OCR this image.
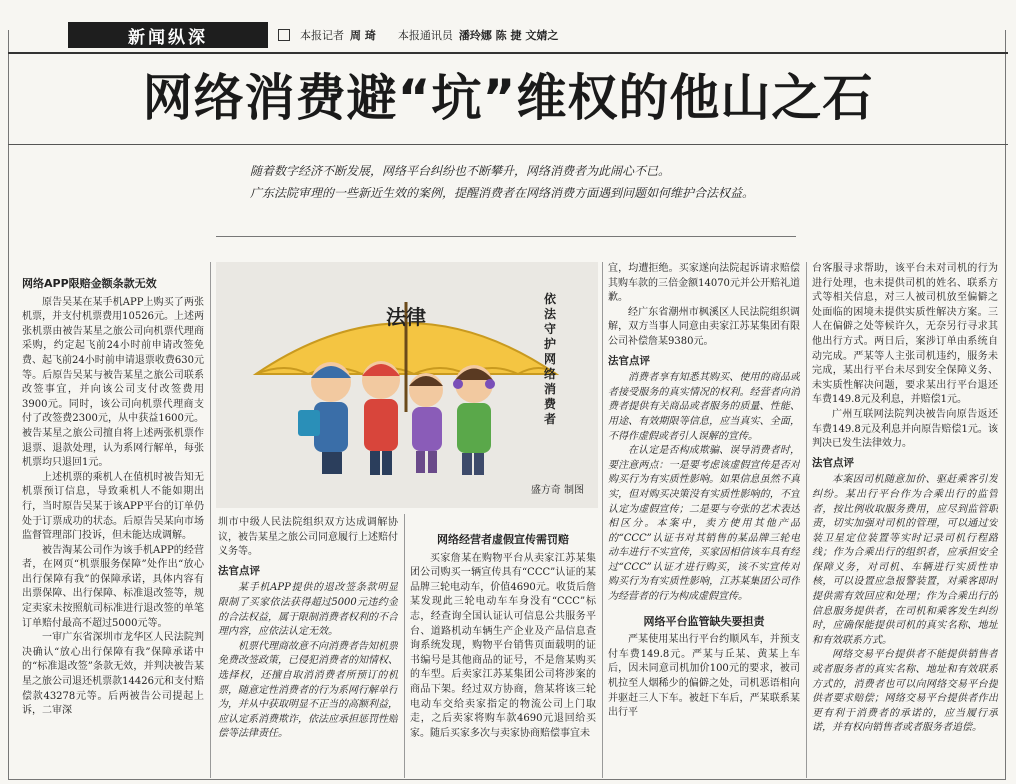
新闻纵深	本报记者 周 琦 本报通讯员 潘玲娜 陈 捷 文婧之
网络消费避“坑”维权的他山之石

随着数字经济不断发展，网络平台纠纷也不断攀升，网络消费者为此闹心不已。

广东法院审理的一些新近生效的案例，提醒消费者在网络消费方面遇到问题如何维护合法权益。

网络APP限赔金额条款无效

原告吴某在某手机APP上购买了两张机票，并支付机票费用10526元。上述两张机票由被告某星之旅公司向机票代理商采购，约定起飞前24小时前申请改签免费、起飞前24小时前申请退票收费630元等。后原告吴某与被告某星之旅公司联系改签事宜，并向该公司支付改签费用3900元。同时，该公司向机票代理商支付了改签费2300元，从中获益1600元。被告某星之旅公司擅自将上述两张机票作退票、退款处理，认为系网行解单，每张机票均只退回1元。

上述机票的乘机人在值机时被告知无机票预订信息，导致乘机人不能如期出行，当时原告吴某于该APP平台的订单仍处于订票成功的状态。后原告吴某向市场监督管理部门投诉，但未能达成调解。

被告淘某公司作为该手机APP的经营者，在网页“机票服务保障”处作出“放心出行保障有我”的保障承诺，具体内容有出票保障、出行保障、标准退改签等，规定卖家未按照航司标准进行退改签的单笔订单赔付最高不超过5000元等。

一审广东省深圳市龙华区人民法院判决确认“放心出行保障有我”保障承诺中的“标准退改签”条款无效，并判决被告某星之旅公司退还机票款14426元和支付赔偿款43278元等。后两被告公司提起上诉，二审深

法律
依法守护网络消费者
盛方奇 制图

圳市中级人民法院组织双方达成调解协议，被告某星之旅公司同意履行上述赔付义务等。

法官点评

某手机APP提供的退改签条款明显限制了买家依法获得超过5000元违约金的合法权益，属于限制消费者权利的不合理内容，应依法认定无效。

机票代理商故意不向消费者告知机票免费改签政策，已侵犯消费者的知情权、选择权，还擅自取消消费者所预订的机票，随意定性消费者的行为系网行解单行为，并从中获取明显不正当的高额利益，应认定系消费欺诈，依法应承担惩罚性赔偿等法律责任。

网络经营者虚假宣传需罚赔

买家詹某在购物平台从卖家江苏某集团公司购买一辆宣传具有“CCC”认证的某品牌三轮电动车，价值4690元。收货后詹某发现此三轮电动车车身没有“CCC”标志，经查询全国认证认可信息公共服务平台、道路机动车辆生产企业及产品信息查询系统发现，购物平台销售页面载明的证书编号是其他商品的证号，不是詹某购买的车型。后卖家江苏某集团公司将涉案的商品下架。经过双方协商，詹某将该三轮电动车交给卖家指定的物流公司上门取走，之后卖家将购车款4690元退回给买家。随后买家多次与卖家协商赔偿事宜未

宜，均遭拒绝。买家遂向法院起诉请求赔偿其购车款的三倍金额14070元并公开赔礼道歉。

经广东省潮州市枫溪区人民法院组织调解，双方当事人同意由卖家江苏某集团有限公司补偿詹某9380元。

法官点评

消费者享有知悉其购买、使用的商品或者接受服务的真实情况的权利。经营者向消费者提供有关商品或者服务的质量、性能、用途、有效期限等信息，应当真实、全面，不得作虚假或者引人误解的宣传。

在认定是否构成欺骗、误导消费者时，要注意两点：一是要考虑该虚假宣传是否对购买行为有实质性影响。如果信息虽然不真实，但对购买决策没有实质性影响的，不宜认定为虚假宣传；二是要与夸张的艺术表达相区分。本案中，卖方使用其他产品的“CCC”认证书对其销售的某品牌三轮电动车进行不实宣传，买家因相信该车具有经过“CCC”认证才进行购买，该不实宣传对购买行为有实质性影响，江苏某集团公司作为经营者的行为构成虚假宣传。

网络平台监管缺失要担责

严某使用某出行平台约顺风车，并预支付车费149.8元。严某与丘某、黄某上车后，因未同意司机加价100元的要求，被司机拉至人烟稀少的偏僻之处，司机恶语相向并驱赶三人下车。被赶下车后，严某联系某出行平

台客服寻求帮助，该平台未对司机的行为进行处理，也未提供司机的姓名、联系方式等相关信息，对三人被司机放至偏僻之处面临的困境未提供实质性解决方案。三人在偏僻之处等候许久，无奈另行寻求其他出行方式。两日后，案涉订单由系统自动完成。严某等人主张司机违约，服务未完成，某出行平台未尽到安全保障义务、未实质性解决问题，要求某出行平台退还车费149.8元及利息，并赔偿1元。

广州互联网法院判决被告向原告返还车费149.8元及利息并向原告赔偿1元。该判决已发生法律效力。

法官点评

本案因司机随意加价、驱赶乘客引发纠纷。某出行平台作为合乘出行的监管者，按比例收取服务费用，应尽到监管职责，切实加强对司机的管理，可以通过安装卫星定位装置等实时记录司机行程路线；作为合乘出行的组织者，应承担安全保障义务，对司机、车辆进行实质性审核，可以设置应急报警装置，对乘客即时提供需有效回应和处理；作为合乘出行的信息服务提供者，在司机和乘客发生纠纷时，应确保能提供司机的真实名称、地址和有效联系方式。

网络交易平台提供者不能提供销售者或者服务者的真实名称、地址和有效联系方式的，消费者也可以向网络交易平台提供者要求赔偿；网络交易平台提供者作出更有利于消费者的承诺的，应当履行承诺，并有权向销售者或者服务者追偿。
